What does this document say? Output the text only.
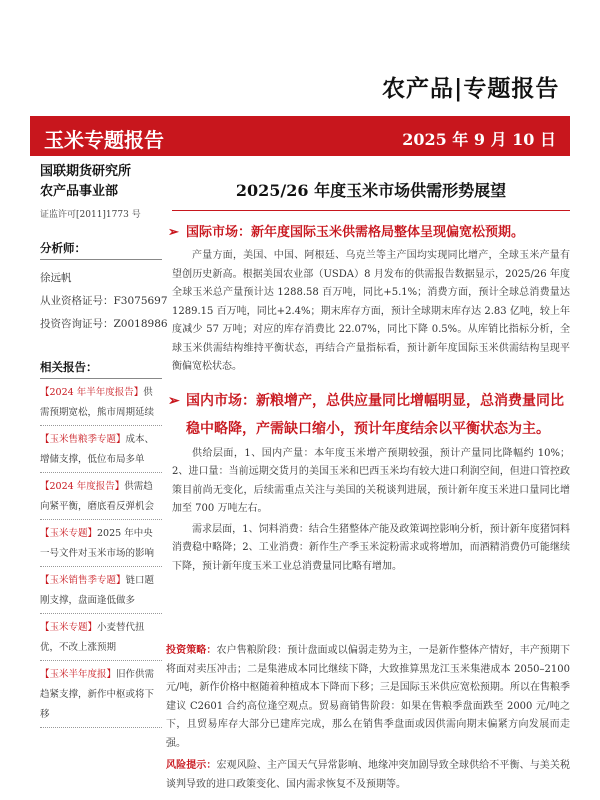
农产品|专题报告
玉米专题报告	2025 年 9 月 10 日
国联期货研究所
农产品事业部
证监许可[2011]1773 号
分析师：
徐远帆
从业资格证号：F3075697
投资咨询证号：Z0018986
相关报告：
【2024 年半年度报告】供需预期宽松，熊市周期延续
【玉米售粮季专题】成本、增储支撑，低位布局多单
【2024 年度报告】供需趋向紧平衡，磨底看反弹机会
【玉米专题】2025 年中央一号文件对玉米市场的影响
【玉米销售季专题】链口题刚支撑，盘面逢低做多
【玉米专题】小麦替代扭优，不改上涨预期
【玉米半年度报】旧作供需趋紧支撑，新作中枢或将下移
2025/26 年度玉米市场供需形势展望
➢ 国际市场：新年度国际玉米供需格局整体呈现偏宽松预期。

产量方面，美国、中国、阿根廷、乌克兰等主产国均实现同比增产，全球玉米产量有望创历史新高。根据美国农业部（USDA）8 月发布的供需报告数据显示，2025/26 年度全球玉米总产量预计达 1288.58 百万吨，同比+5.1%；消费方面，预计全球总消费量达 1289.15 百万吨，同比+2.4%；期末库存方面，预计全球期末库存达 2.83 亿吨，较上年度减少 57 万吨；对应的库存消费比 22.07%，同比下降 0.5%。从库销比指标分析，全球玉米供需结构维持平衡状态，再结合产量指标看，预计新年度国际玉米供需结构呈现平衡偏宽松状态。

➢ 国内市场：新粮增产，总供应量同比增幅明显，总消费量同比稳中略降，产需缺口缩小，预计年度结余以平衡状态为主。

供给层面，1、国内产量：本年度玉米增产预期较强，预计产量同比降幅约 10%；2、进口量：当前远期交货月的美国玉米和巴西玉米均有较大进口利润空间，但进口管控政策目前尚无变化，后续需重点关注与美国的关税谈判进展，预计新年度玉米进口量同比增加至 700 万吨左右。

需求层面，1、饲料消费：结合生猪整体产能及政策调控影响分析，预计新年度猪饲料消费稳中略降；2、工业消费：新作生产季玉米淀粉需求或将增加，而酒精消费仍可能继续下降，预计新年度玉米工业总消费量同比略有增加。

投资策略：农户售粮阶段：预计盘面或以偏弱走势为主，一是新作整体产情好，丰产预期下将面对卖压冲击；二是集港成本同比继续下降，大致推算黑龙江玉米集港成本 2050–2100 元/吨，新作价格中枢随着种植成本下降而下移；三是国际玉米供应宽松预期。所以在售粮季建议 C2601 合约高位逢空观点。贸易商销售阶段：如果在售粮季盘面跌至 2000 元/吨之下，且贸易库存大部分已建库完成，那么在销售季盘面或因供需向期末偏紧方向发展而走强。

风险提示：宏观风险、主产国天气异常影响、地缘冲突加剧导致全球供给不平衡、与美关税谈判导致的进口政策变化、国内需求恢复不及预期等。
